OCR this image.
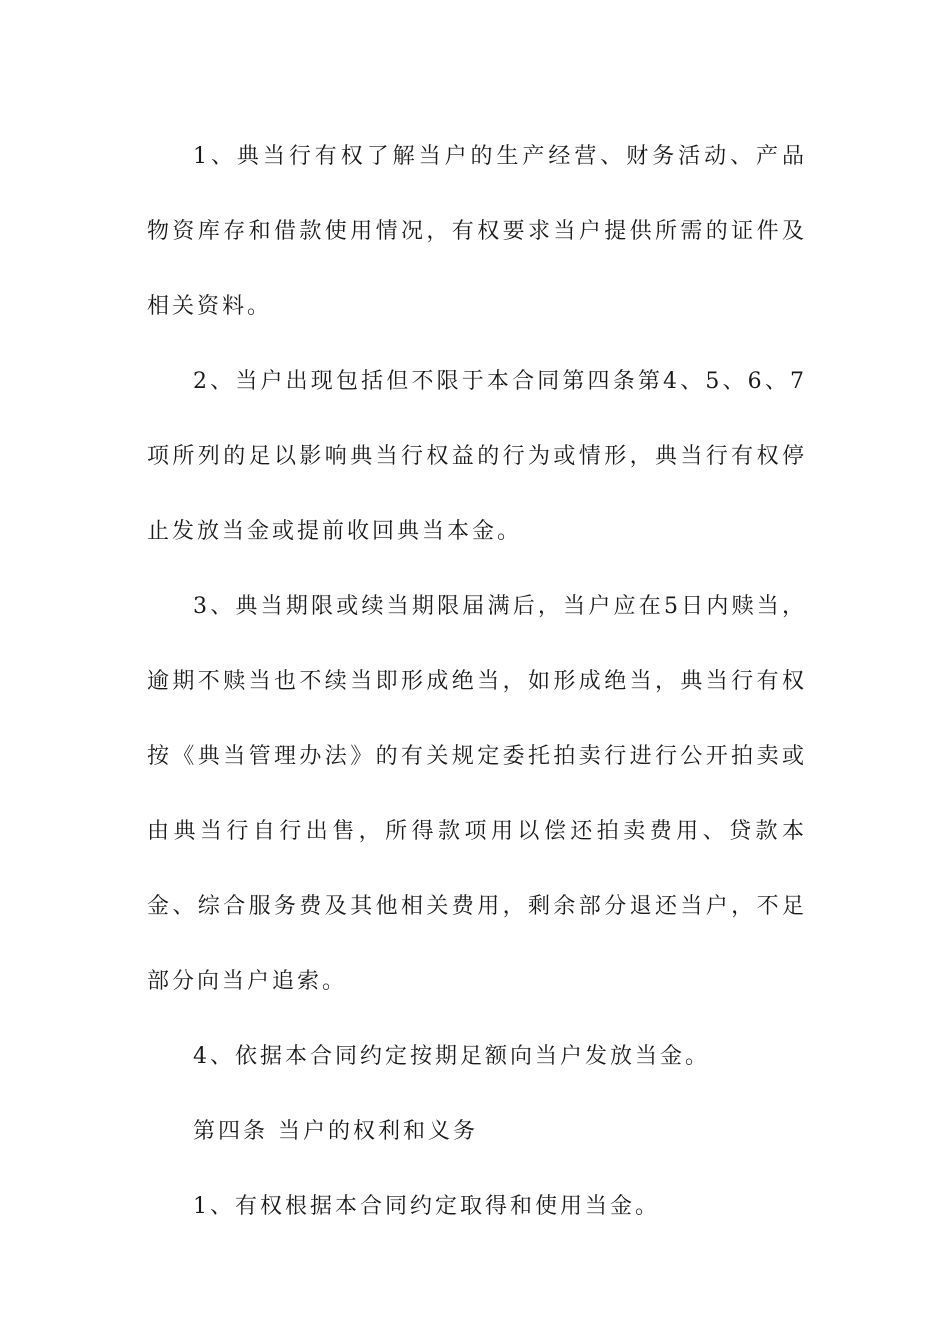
1、典当行有权了解当户的生产经营、财务活动、产品物资库存和借款使用情况，有权要求当户提供所需的证件及相关资料。

2、当户出现包括但不限于本合同第四条第4、5、6、7项所列的足以影响典当行权益的行为或情形，典当行有权停止发放当金或提前收回典当本金。

3、典当期限或续当期限届满后，当户应在5日内赎当，逾期不赎当也不续当即形成绝当，如形成绝当，典当行有权按《典当管理办法》的有关规定委托拍卖行进行公开拍卖或由典当行自行出售，所得款项用以偿还拍卖费用、贷款本金、综合服务费及其他相关费用，剩余部分退还当户，不足部分向当户追索。

4、依据本合同约定按期足额向当户发放当金。

第四条 当户的权利和义务

1、有权根据本合同约定取得和使用当金。
